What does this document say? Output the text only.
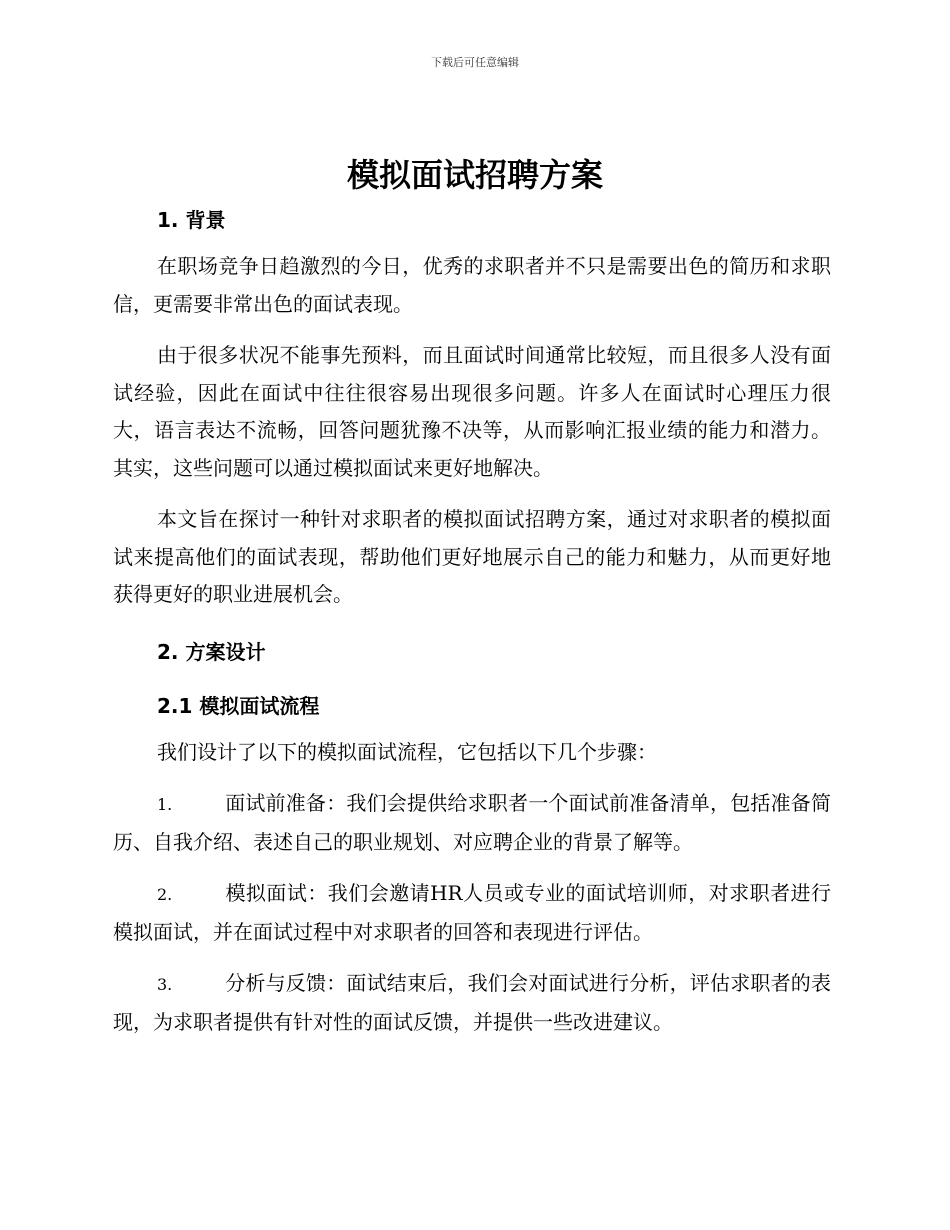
下载后可任意编辑
模拟面试招聘方案

1. 背景

在职场竞争日趋激烈的今日，优秀的求职者并不只是需要出色的简历和求职信，更需要非常出色的面试表现。

由于很多状况不能事先预料，而且面试时间通常比较短，而且很多人没有面试经验，因此在面试中往往很容易出现很多问题。许多人在面试时心理压力很大，语言表达不流畅，回答问题犹豫不决等，从而影响汇报业绩的能力和潜力。其实，这些问题可以通过模拟面试来更好地解决。

本文旨在探讨一种针对求职者的模拟面试招聘方案，通过对求职者的模拟面试来提高他们的面试表现，帮助他们更好地展示自己的能力和魅力，从而更好地获得更好的职业进展机会。

2. 方案设计

2.1 模拟面试流程

我们设计了以下的模拟面试流程，它包括以下几个步骤：

1.	面试前准备：我们会提供给求职者一个面试前准备清单，包括准备简历、自我介绍、表述自己的职业规划、对应聘企业的背景了解等。

2.	模拟面试：我们会邀请HR人员或专业的面试培训师，对求职者进行模拟面试，并在面试过程中对求职者的回答和表现进行评估。

3.	分析与反馈：面试结束后，我们会对面试进行分析，评估求职者的表现，为求职者提供有针对性的面试反馈，并提供一些改进建议。
